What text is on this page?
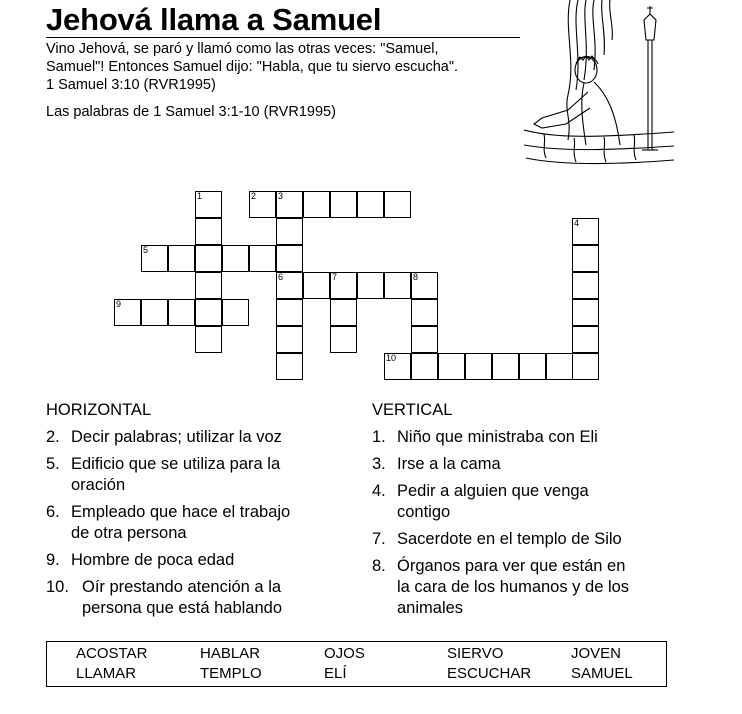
Jehová llama a Samuel
Vino Jehová, se paró y llamó como las otras veces: "Samuel,
Samuel"! Entonces Samuel dijo: "Habla, que tu siervo escucha".
1 Samuel 3:10 (RVR1995)
Las palabras de 1 Samuel 3:1-10 (RVR1995)
1	2 3
6
5
7	8
9
4
10
HORIZONTAL
2. Decir palabras; utilizar la voz
5. Edificio que se utiliza para la
oración
6. Empleado que hace el trabajo
de otra persona
9. Hombre de poca edad
10. Oír prestando atención a la
persona que está hablando
VERTICAL
1. Niño que ministraba con Eli
3. Irse a la cama
4. Pedir a alguien que venga
contigo
7. Sacerdote en el templo de Silo
8. Órganos para ver que están en
la cara de los humanos y de los
animales
ACOSTAR	HABLAR	OJOS	SIERVO	JOVEN
LLAMAR	TEMPLO	ELÍ	ESCUCHAR	SAMUEL
